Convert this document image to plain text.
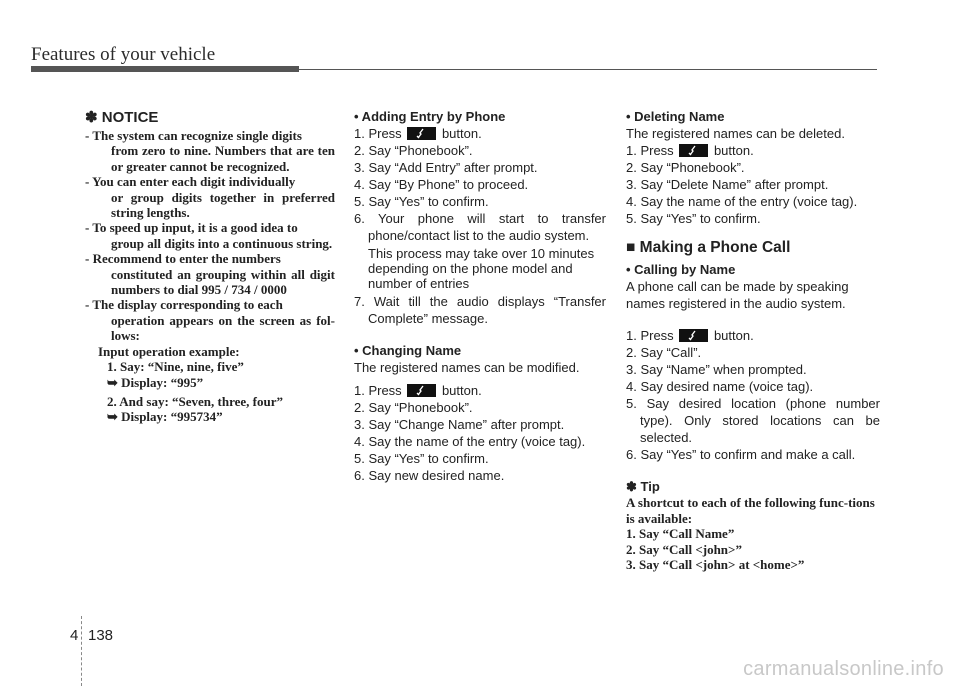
Features of your vehicle
✽ NOTICE
- The system can recognize single digits
from zero to nine. Numbers that are ten or greater cannot be recognized.
- You can enter each digit individually
or group digits together in preferred string lengths.
- To speed up input, it is a good idea to
group all digits into a continuous string.
- Recommend to enter the numbers
constituted an grouping within all digit numbers to dial 995 / 734 / 0000
- The display corresponding to each
operation appears on the screen as fol-lows:
Input operation example:
1. Say: “Nine, nine, five”
➥ Display: “995”
2. And say: “Seven, three, four”
➥ Display: “995734”
• Adding Entry by Phone
1. Press	button.
2. Say “Phonebook”.
3. Say “Add Entry” after prompt.
4. Say “By Phone” to proceed.
5. Say “Yes” to confirm.
6. Your phone will start to transfer phone/contact list to the audio system.
This process may take over 10 minutes depending on the phone model and number of entries
7. Wait till the audio displays “Transfer Complete” message.
• Changing Name
The registered names can be modified.
1. Press	button.
2. Say “Phonebook”.
3. Say “Change Name” after prompt.
4. Say the name of the entry (voice tag).
5. Say “Yes” to confirm.
6. Say new desired name.
• Deleting Name
The registered names can be deleted.
1. Press	button.
2. Say “Phonebook”.
3. Say “Delete Name” after prompt.
4. Say the name of the entry (voice tag).
5. Say “Yes” to confirm.
■ Making a Phone Call
• Calling by Name
A phone call can be made by speaking names registered in the audio system.
1. Press	button.
2. Say “Call”.
3. Say “Name” when prompted.
4. Say desired name (voice tag).
5. Say desired location (phone number type). Only stored locations can be selected.
6. Say “Yes” to confirm and make a call.
✽ Tip
A shortcut to each of the following func-tions is available:
1. Say “Call Name”
2. Say “Call <john>”
3. Say “Call <john> at <home>”
4 138
carmanualsonline.info
